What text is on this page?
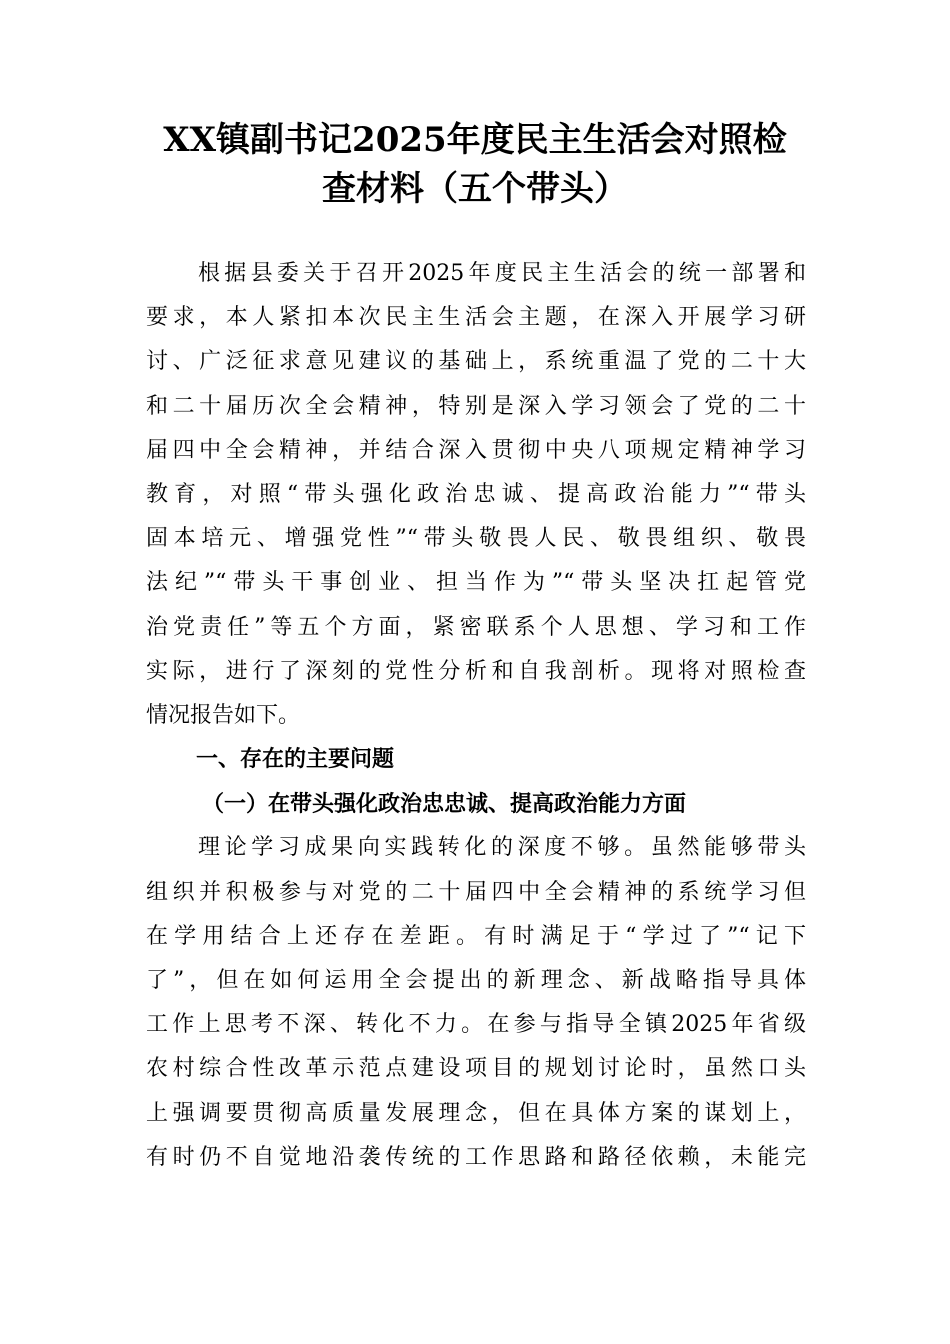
XX镇副书记2025年度民主生活会对照检
查材料（五个带头）
根据县委关于召开2025年度民主生活会的统一部署和
要求，本人紧扣本次民主生活会主题，在深入开展学习研
讨、广泛征求意见建议的基础上，系统重温了党的二十大
和二十届历次全会精神，特别是深入学习领会了党的二十
届四中全会精神，并结合深入贯彻中央八项规定精神学习
教育，对照“带头强化政治忠诚、提高政治能力”“带头
固本培元、增强党性”“带头敬畏人民、敬畏组织、敬畏
法纪”“带头干事创业、担当作为”“带头坚决扛起管党
治党责任”等五个方面，紧密联系个人思想、学习和工作
实际，进行了深刻的党性分析和自我剖析。现将对照检查
情况报告如下。
一、存在的主要问题
（一）在带头强化政治忠忠诚、提高政治能力方面
理论学习成果向实践转化的深度不够。虽然能够带头
组织并积极参与对党的二十届四中全会精神的系统学习但
在学用结合上还存在差距。有时满足于“学过了”“记下
了”，但在如何运用全会提出的新理念、新战略指导具体
工作上思考不深、转化不力。在参与指导全镇2025年省级
农村综合性改革示范点建设项目的规划讨论时，虽然口头
上强调要贯彻高质量发展理念，但在具体方案的谋划上，
有时仍不自觉地沿袭传统的工作思路和路径依赖，未能完
